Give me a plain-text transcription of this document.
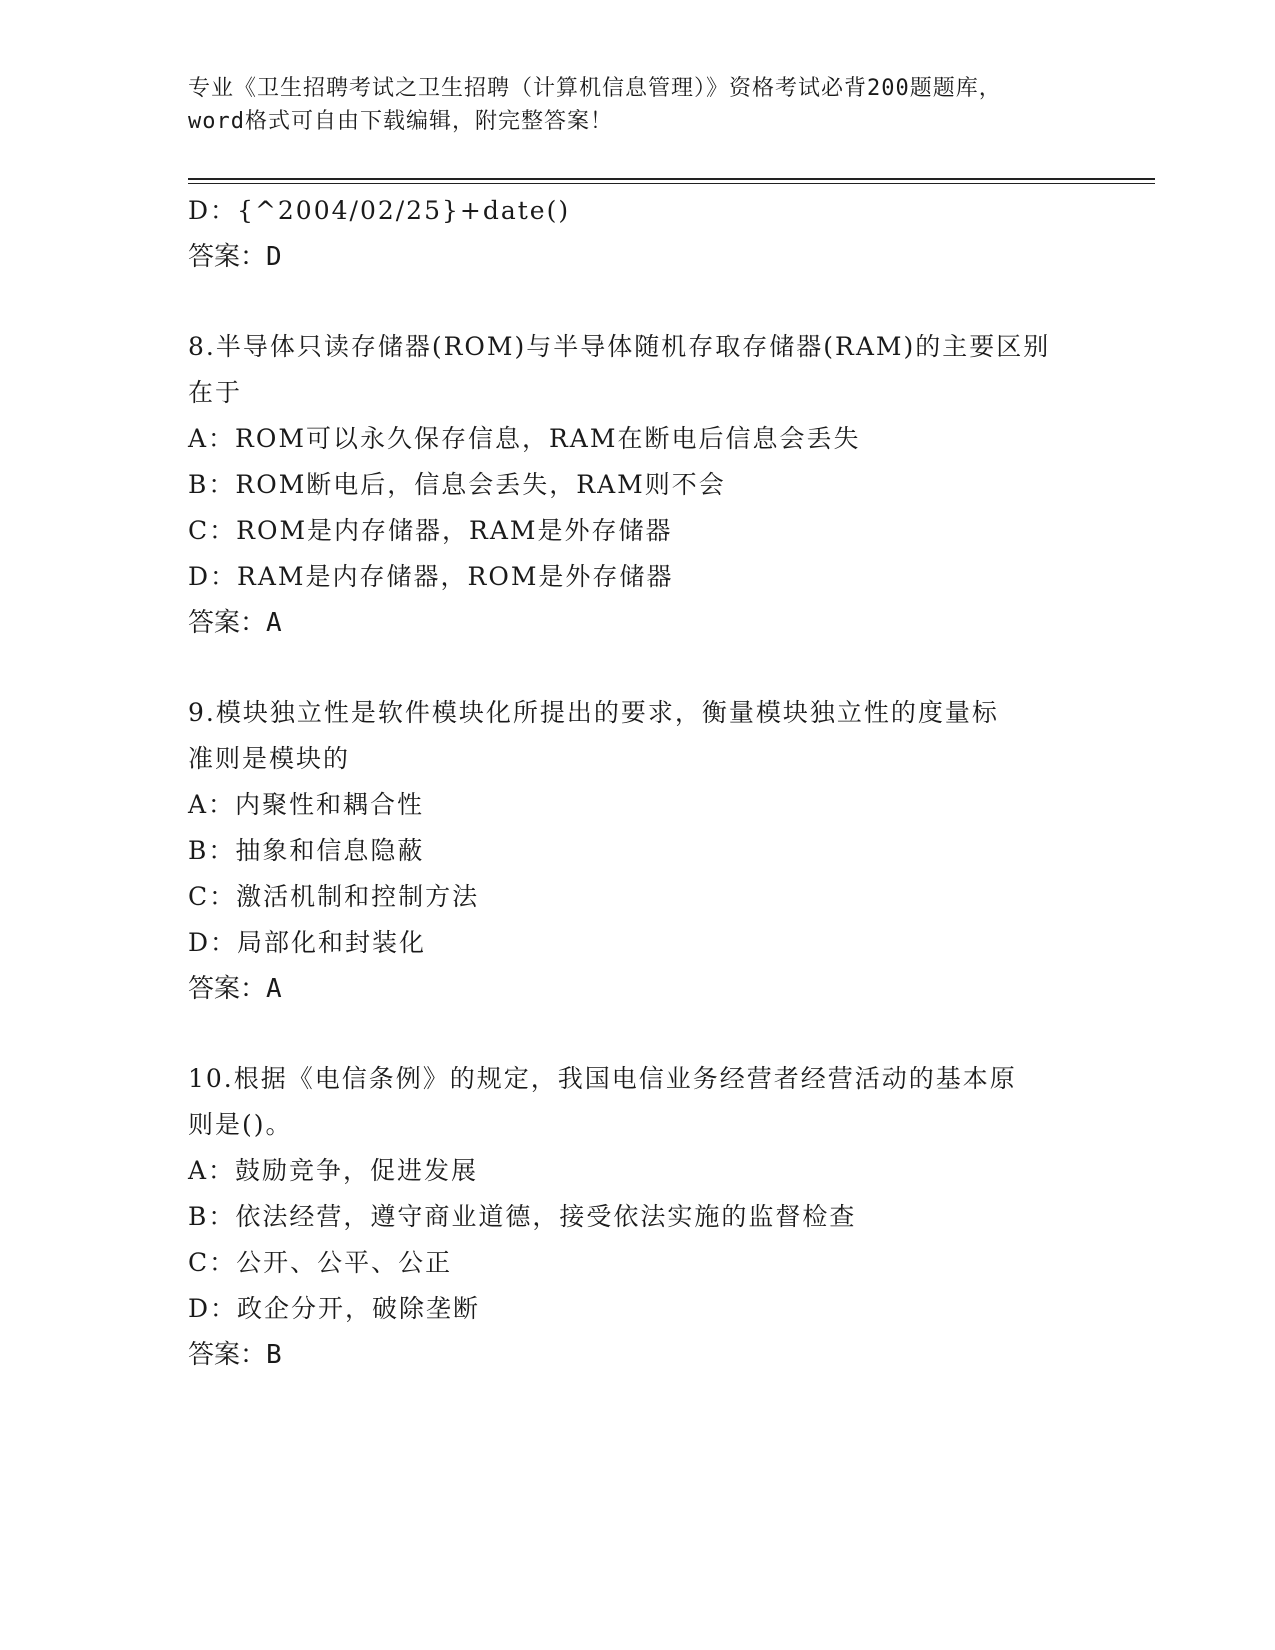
专业《卫生招聘考试之卫生招聘（计算机信息管理）》资格考试必背200题题库，
word格式可自由下载编辑，附完整答案！
D：{^2004/02/25}+date()
答案：D
8.半导体只读存储器(ROM)与半导体随机存取存储器(RAM)的主要区别
在于
A：ROM可以永久保存信息，RAM在断电后信息会丢失
B：ROM断电后，信息会丢失，RAM则不会
C：ROM是内存储器，RAM是外存储器
D：RAM是内存储器，ROM是外存储器
答案：A
9.模块独立性是软件模块化所提出的要求，衡量模块独立性的度量标
准则是模块的
A：内聚性和耦合性
B：抽象和信息隐蔽
C：激活机制和控制方法
D：局部化和封装化
答案：A
10.根据《电信条例》的规定，我国电信业务经营者经营活动的基本原
则是()。
A：鼓励竞争，促进发展
B：依法经营，遵守商业道德，接受依法实施的监督检查
C：公开、公平、公正
D：政企分开，破除垄断
答案：B
